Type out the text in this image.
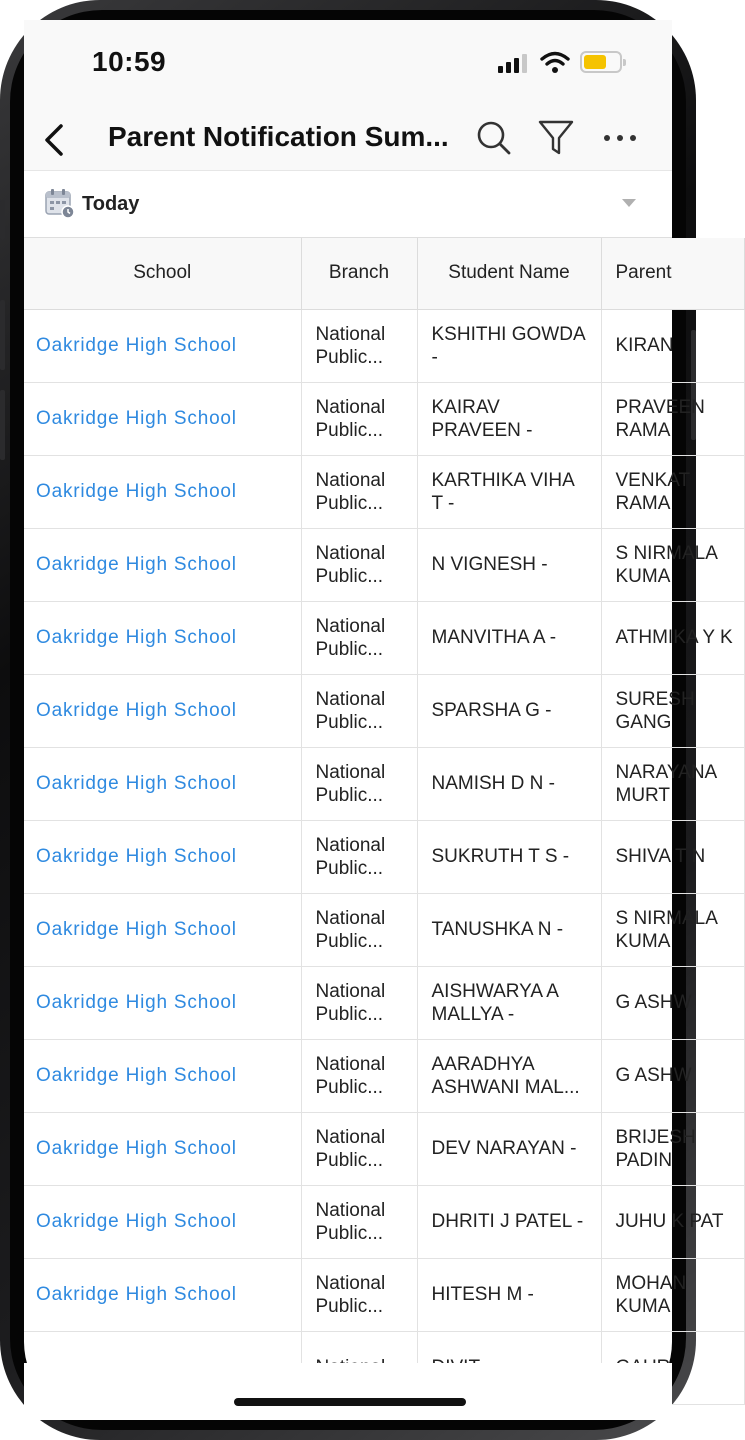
10:59
Parent Notification Sum...
Today
School	Branch	Student Name	Parent
Oakridge High School	National Public...	KSHITHI GOWDA -	KIRAN

Oakridge High School	National Public...	KAIRAV PRAVEEN -	PRAVEEN RAMA

Oakridge High School	National Public...	KARTHIKA VIHA T -	VENKAT RAMA

Oakridge High School	National Public...	N VIGNESH -	S NIRMALA KUMA

Oakridge High School	National Public...	MANVITHA A -	ATHMIKA Y K

Oakridge High School	National Public...	SPARSHA G -	SURESH GANG

Oakridge High School	National Public...	NAMISH D N -	NARAYANA MURT

Oakridge High School	National Public...	SUKRUTH T S -	SHIVA T N

Oakridge High School	National Public...	TANUSHKA N -	S NIRMALA KUMA

Oakridge High School	National Public...	AISHWARYA A MALLYA -	G ASHW

Oakridge High School	National Public...	AARADHYA ASHWANI MAL...	G ASHW

Oakridge High School	National Public...	DEV NARAYAN -	BRIJESH PADIN

Oakridge High School	National Public...	DHRITI J PATEL -	JUHU K PAT

Oakridge High School	National Public...	HITESH M -	MOHAN KUMA
